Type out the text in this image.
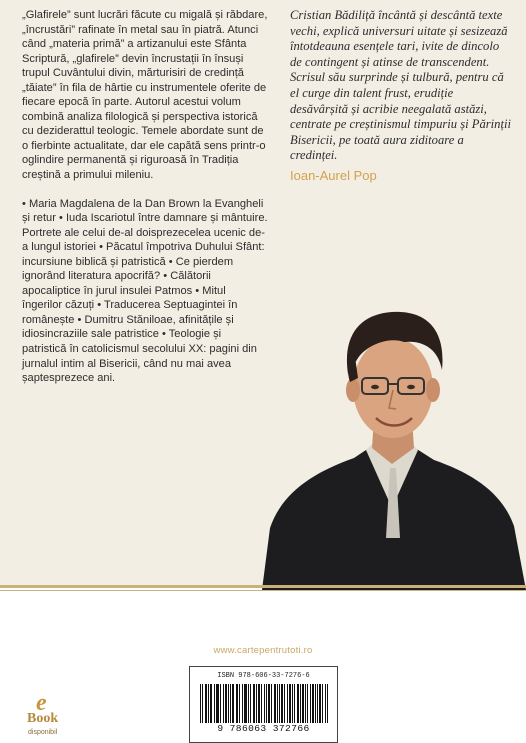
„Glafirele” sunt lucrări făcute cu migală și răbdare, „încrustări” rafinate în metal sau în piatră. Atunci când „materia primă” a artizanului este Sfânta Scriptură, „glafirele” devin încrustații în însuși trupul Cuvântului divin, mărturisiri de credință „tăiate” în fila de hârtie cu instrumentele oferite de fiecare epocă în parte. Autorul acestui volum combină analiza filologică și perspectiva istorică cu deziderattul teologic. Temele abordate sunt de o fierbinte actualitate, dar ele capătă sens printr-o oglindire permanentă și riguroasă în Tradiția creștină a primului mileniu.

• Maria Magdalena de la Dan Brown la Evangheli și retur • Iuda Iscariotul între damnare și mântuire. Portrete ale celui de-al doisprezecelea ucenic de-a lungul istoriei • Păcatul împotriva Duhului Sfânt: incursiune biblică și patristică • Ce pierdem ignorând literatura apocrifă? • Călătorii apocaliptice în jurul insulei Patmos • Mitul îngerilor căzuți • Traducerea Septuagintei în românește • Dumitru Stăniloae, afinitățile și idiosincraziile sale patristice • Teologie și patristică în catolicismul secolului XX: pagini din jurnalul intim al Bisericii, când nu mai avea șaptesprezece ani.

Cristian Bădiliță încântă și descântă texte vechi, explică universuri uitate și sesizează întotdeauna esențele tari, ivite de dincolo de contingent și atinse de transcendent. Scrisul său surprinde și tulbură, pentru că el curge din talent frust, erudiție desăvârșită și acribie neegalată astăzi, centrate pe creștinismul timpuriu și Părinții Bisericii, pe toată aura ziditoare a credinței.

Ioan-Aurel Pop
www.cartepentrutoti.ro
e
Book
disponibil
ISBN 978-606-33-7276-6
9 786063 372766
